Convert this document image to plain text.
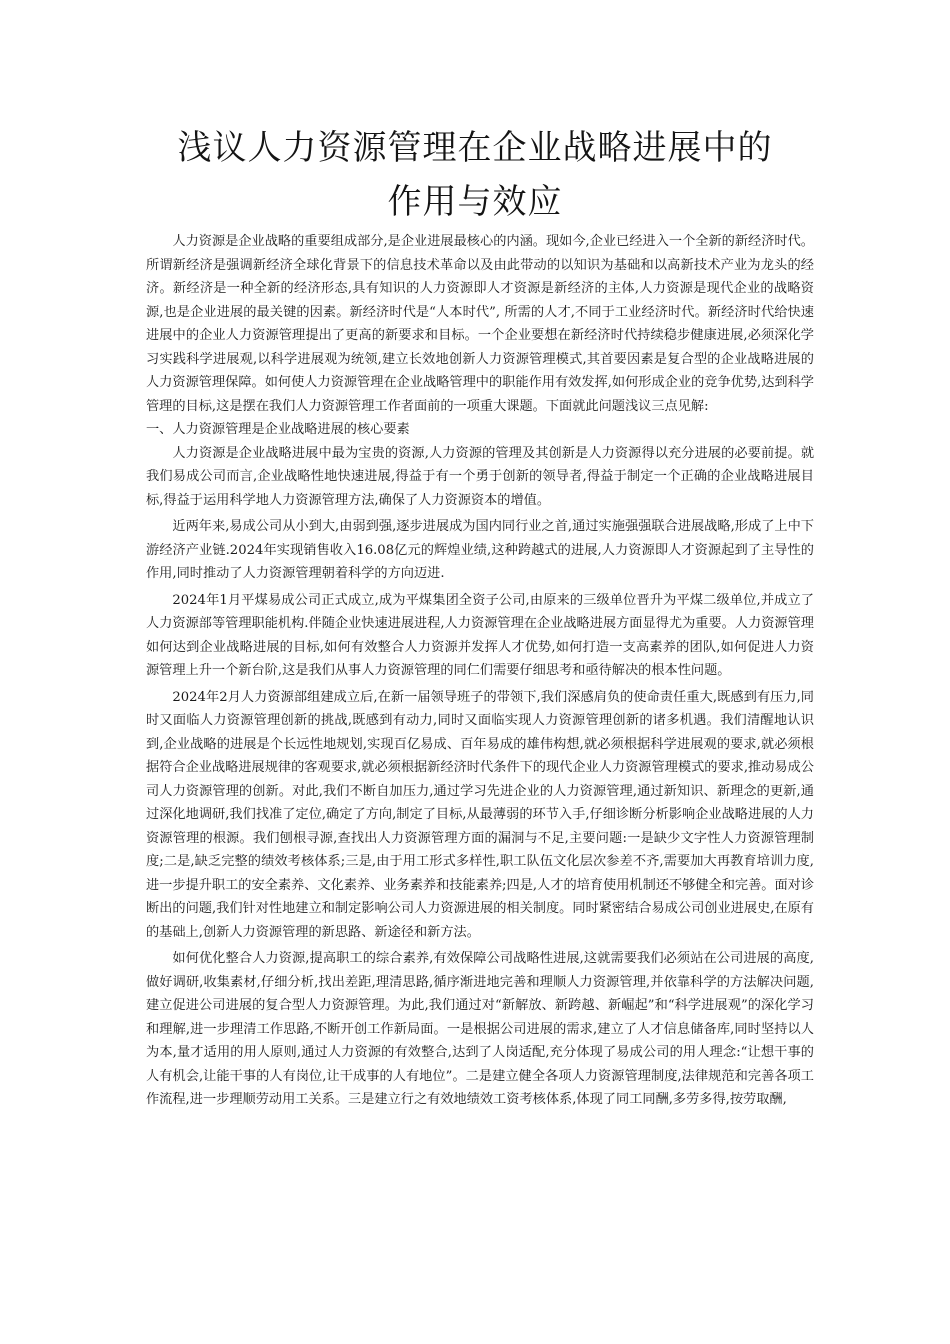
浅议人力资源管理在企业战略进展中的
作用与效应

人力资源是企业战略的重要组成部分,是企业进展最核心的内涵。现如今,企业已经进入一个全新的新经济时代。所谓新经济是强调新经济全球化背景下的信息技术革命以及由此带动的以知识为基础和以高新技术产业为龙头的经济。新经济是一种全新的经济形态,具有知识的人力资源即人才资源是新经济的主体,人力资源是现代企业的战略资源,也是企业进展的最关键的因素。新经济时代是“人本时代”, 所需的人才,不同于工业经济时代。新经济时代给快速进展中的企业人力资源管理提出了更高的新要求和目标。一个企业要想在新经济时代持续稳步健康进展,必须深化学习实践科学进展观,以科学进展观为统领,建立长效地创新人力资源管理模式,其首要因素是复合型的企业战略进展的人力资源管理保障。如何使人力资源管理在企业战略管理中的职能作用有效发挥,如何形成企业的竞争优势,达到科学管理的目标,这是摆在我们人力资源管理工作者面前的一项重大课题。下面就此问题浅议三点见解:

一、人力资源管理是企业战略进展的核心要素

人力资源是企业战略进展中最为宝贵的资源,人力资源的管理及其创新是人力资源得以充分进展的必要前提。就我们易成公司而言,企业战略性地快速进展,得益于有一个勇于创新的领导者,得益于制定一个正确的企业战略进展目标,得益于运用科学地人力资源管理方法,确保了人力资源资本的增值。

近两年来,易成公司从小到大,由弱到强,逐步进展成为国内同行业之首,通过实施强强联合进展战略,形成了上中下游经济产业链.2024年实现销售收入16.08亿元的辉煌业绩,这种跨越式的进展,人力资源即人才资源起到了主导性的作用,同时推动了人力资源管理朝着科学的方向迈进.

2024年1月平煤易成公司正式成立,成为平煤集团全资子公司,由原来的三级单位晋升为平煤二级单位,并成立了人力资源部等管理职能机构.伴随企业快速进展进程,人力资源管理在企业战略进展方面显得尤为重要。人力资源管理如何达到企业战略进展的目标,如何有效整合人力资源并发挥人才优势,如何打造一支高素养的团队,如何促进人力资源管理上升一个新台阶,这是我们从事人力资源管理的同仁们需要仔细思考和亟待解决的根本性问题。

2024年2月人力资源部组建成立后,在新一届领导班子的带领下,我们深感肩负的使命责任重大,既感到有压力,同时又面临人力资源管理创新的挑战,既感到有动力,同时又面临实现人力资源管理创新的诸多机遇。我们清醒地认识到,企业战略的进展是个长远性地规划,实现百亿易成、百年易成的雄伟构想,就必须根据科学进展观的要求,就必须根据符合企业战略进展规律的客观要求,就必须根据新经济时代条件下的现代企业人力资源管理模式的要求,推动易成公司人力资源管理的创新。对此,我们不断自加压力,通过学习先进企业的人力资源管理,通过新知识、新理念的更新,通过深化地调研,我们找准了定位,确定了方向,制定了目标,从最薄弱的环节入手,仔细诊断分析影响企业战略进展的人力资源管理的根源。我们刨根寻源,查找出人力资源管理方面的漏洞与不足,主要问题:一是缺少文字性人力资源管理制度;二是,缺乏完整的绩效考核体系;三是,由于用工形式多样性,职工队伍文化层次参差不齐,需要加大再教育培训力度,进一步提升职工的安全素养、文化素养、业务素养和技能素养;四是,人才的培育使用机制还不够健全和完善。面对诊断出的问题,我们针对性地建立和制定影响公司人力资源进展的相关制度。同时紧密结合易成公司创业进展史,在原有的基础上,创新人力资源管理的新思路、新途径和新方法。

如何优化整合人力资源,提高职工的综合素养,有效保障公司战略性进展,这就需要我们必须站在公司进展的高度,做好调研,收集素材,仔细分析,找出差距,理清思路,循序渐进地完善和理顺人力资源管理,并依靠科学的方法解决问题,建立促进公司进展的复合型人力资源管理。为此,我们通过对“新解放、新跨越、新崛起”和“科学进展观”的深化学习和理解,进一步理清工作思路,不断开创工作新局面。一是根据公司进展的需求,建立了人才信息储备库,同时坚持以人为本,量才适用的用人原则,通过人力资源的有效整合,达到了人岗适配,充分体现了易成公司的用人理念:“让想干事的人有机会,让能干事的人有岗位,让干成事的人有地位”。二是建立健全各项人力资源管理制度,法律规范和完善各项工作流程,进一步理顺劳动用工关系。三是建立行之有效地绩效工资考核体系,体现了同工同酬,多劳多得,按劳取酬,
